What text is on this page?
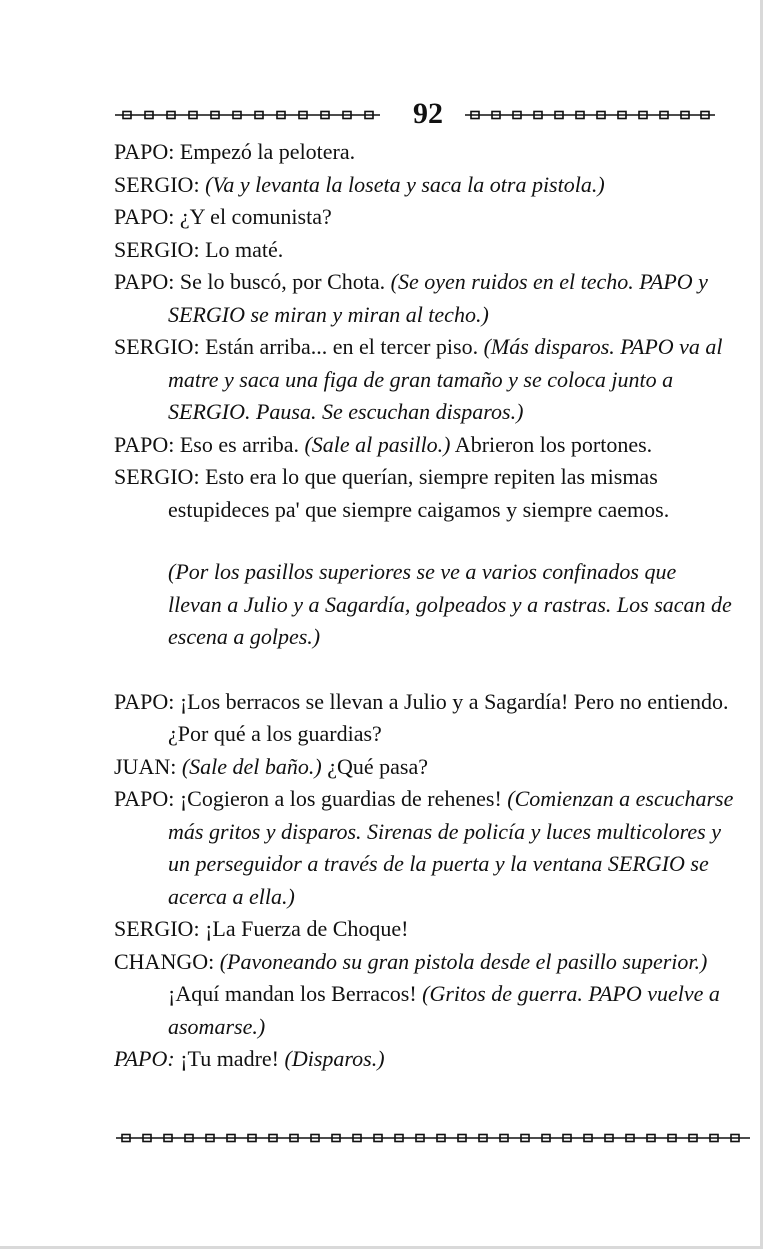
92

PAPO: Empezó la pelotera.

SERGIO: (Va y levanta la loseta y saca la otra pistola.)

PAPO: ¿Y el comunista?

SERGIO: Lo maté.

PAPO: Se lo buscó, por Chota. (Se oyen ruidos en el techo. PAPO y SERGIO se miran y miran al techo.)

SERGIO: Están arriba... en el tercer piso. (Más disparos. PAPO va al matre y saca una figa de gran tamaño y se coloca junto a SERGIO. Pausa. Se escuchan disparos.)

PAPO: Eso es arriba. (Sale al pasillo.) Abrieron los portones.

SERGIO: Esto era lo que querían, siempre repiten las mismas estupideces pa' que siempre caigamos y siempre caemos.

(Por los pasillos superiores se ve a varios confinados que llevan a Julio y a Sagardía, golpeados y a rastras. Los sacan de escena a golpes.)

PAPO: ¡Los berracos se llevan a Julio y a Sagardía! Pero no entiendo. ¿Por qué a los guardias?

JUAN: (Sale del baño.) ¿Qué pasa?

PAPO: ¡Cogieron a los guardias de rehenes! (Comienzan a escucharse más gritos y disparos. Sirenas de policía y luces multicolores y un perseguidor a través de la puerta y la ventana SERGIO se acerca a ella.)

SERGIO: ¡La Fuerza de Choque!

CHANGO: (Pavoneando su gran pistola desde el pasillo superior.) ¡Aquí mandan los Berracos! (Gritos de guerra. PAPO vuelve a asomarse.)

PAPO: ¡Tu madre! (Disparos.)
